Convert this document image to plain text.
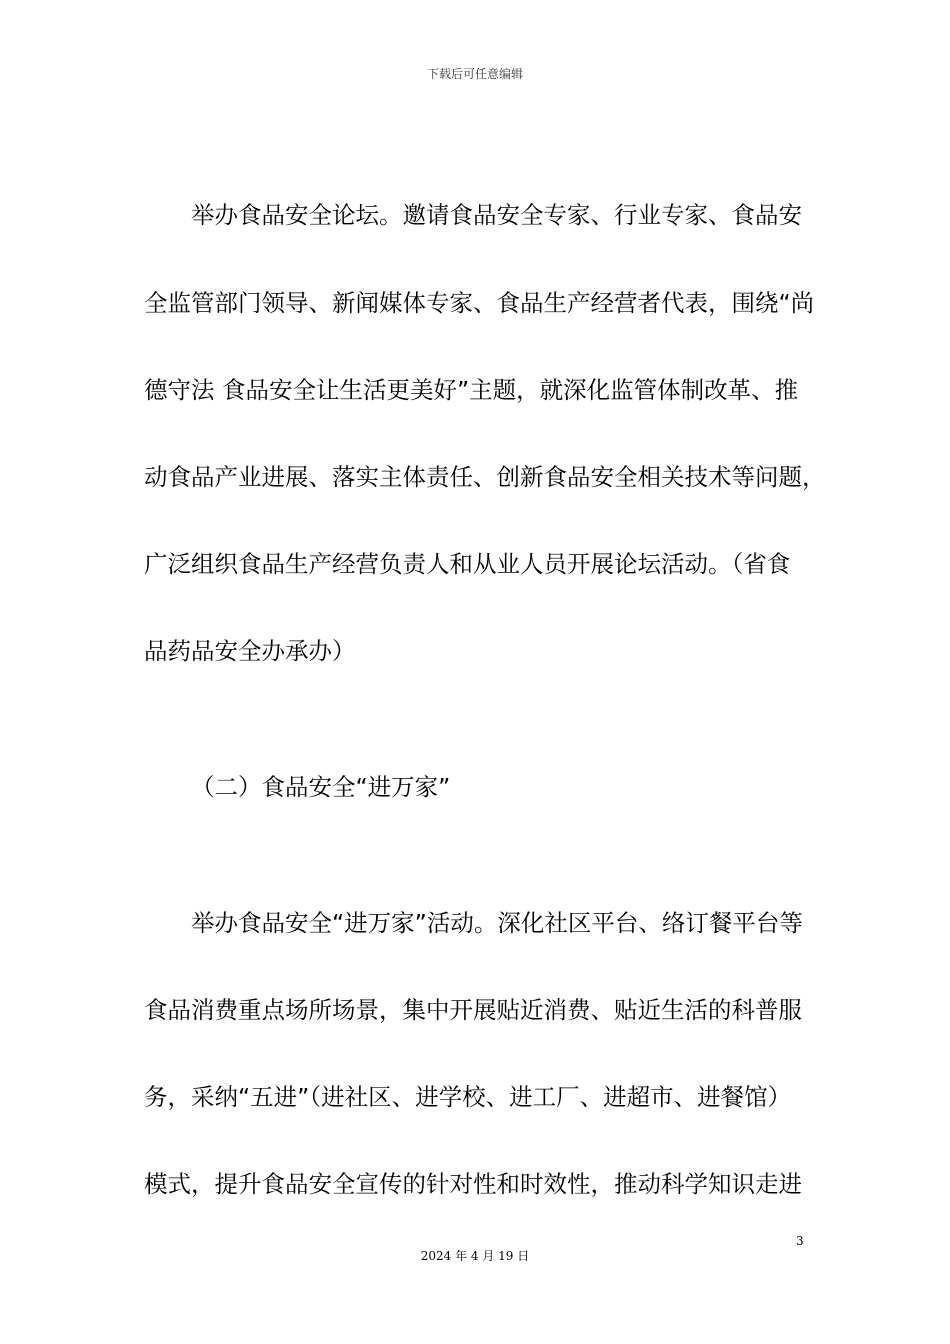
下载后可任意编辑
举办食品安全论坛。邀请食品安全专家、行业专家、食品安
全监管部门领导、新闻媒体专家、食品生产经营者代表，围绕“尚
德守法 食品安全让生活更美好”主题，就深化监管体制改革、推
动食品产业进展、落实主体责任、创新食品安全相关技术等问题，
广泛组织食品生产经营负责人和从业人员开展论坛活动。（省食
品药品安全办承办）
（二）食品安全“进万家”
举办食品安全“进万家”活动。深化社区平台、络订餐平台等
食品消费重点场所场景，集中开展贴近消费、贴近生活的科普服
务，采纳“五进”（进社区、进学校、进工厂、进超市、进餐馆）
模式，提升食品安全宣传的针对性和时效性，推动科学知识走进
3
2024 年 4 月 19 日
